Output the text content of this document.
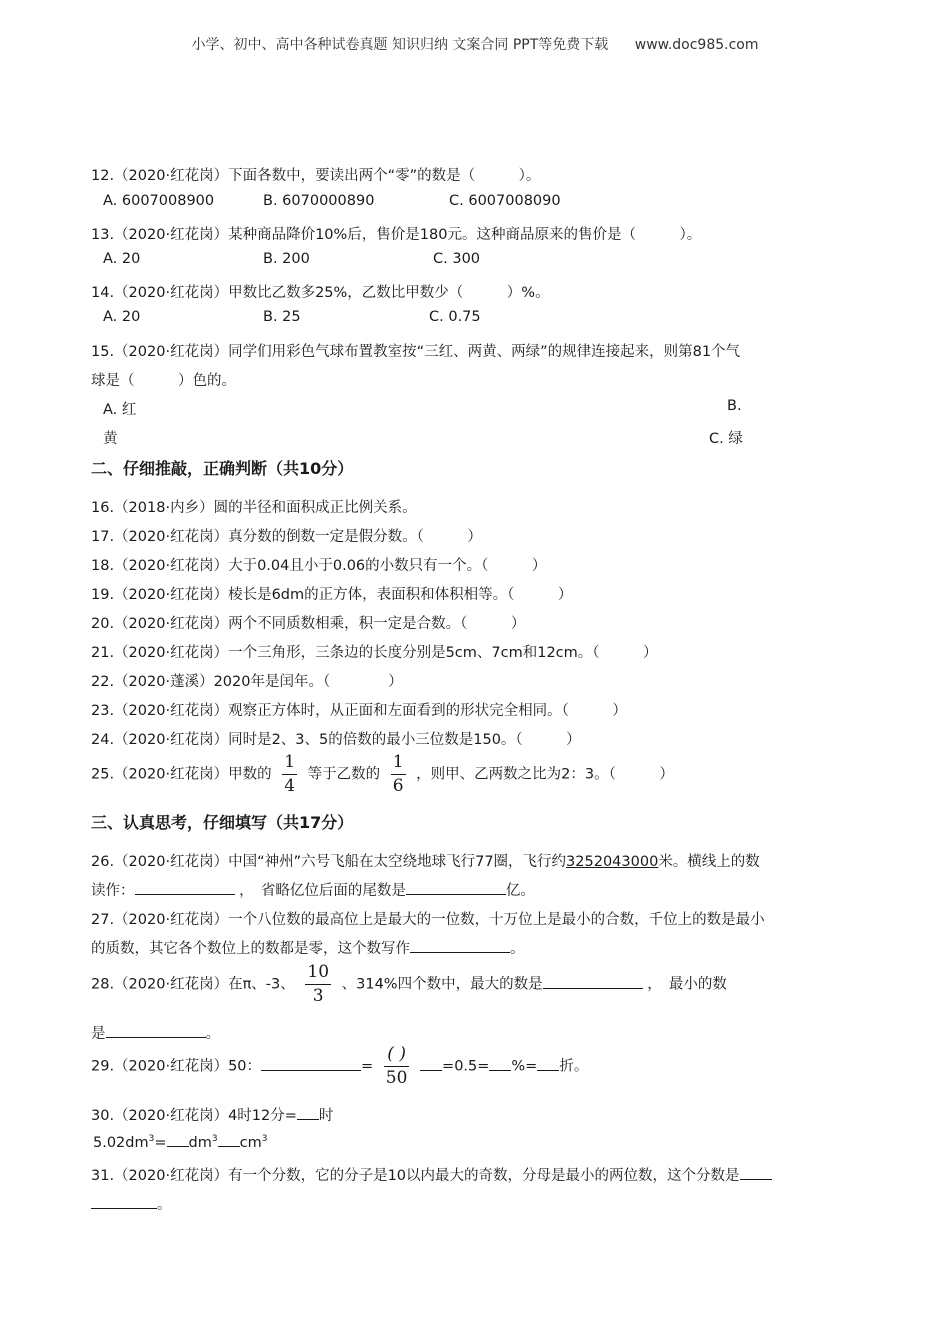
小学、初中、高中各种试卷真题 知识归纳 文案合同 PPT等免费下载 www.doc985.com
12.（2020·红花岗）下面各数中，要读出两个“零”的数是（　　　）。
A. 6007008900	B. 6070000890	C. 6007008090
13.（2020·红花岗）某种商品降价10%后，售价是180元。这种商品原来的售价是（　　　）。
A. 20	B. 200	C. 300
14.（2020·红花岗）甲数比乙数多25%，乙数比甲数少（　　　）%。
A. 20	B. 25	C. 0.75
15.（2020·红花岗）同学们用彩色气球布置教室按“三红、两黄、两绿”的规律连接起来，则第81个气
球是（　　　）色的。
A. 红	B.
黄	C. 绿
二、仔细推敲，正确判断（共10分）
16.（2018·内乡）圆的半径和面积成正比例关系。
17.（2020·红花岗）真分数的倒数一定是假分数。（　　　）
18.（2020·红花岗）大于0.04且小于0.06的小数只有一个。（　　　）
19.（2020·红花岗）棱长是6dm的正方体，表面积和体积相等。（　　　）
20.（2020·红花岗）两个不同质数相乘，积一定是合数。（　　　）
21.（2020·红花岗）一个三角形，三条边的长度分别是5cm、7cm和12cm。（　　　）
22.（2020·蓬溪）2020年是闰年。（　　　　）
23.（2020·红花岗）观察正方体时，从正面和左面看到的形状完全相同。（　　　）
24.（2020·红花岗）同时是2、3、5的倍数的最小三位数是150。（　　　）
25.（2020·红花岗）甲数的 $\frac{1}{4}$ 等于乙数的 $\frac{1}{6}$ ，则甲、乙两数之比为2：3。（　　　）
三、认真思考，仔细填写（共17分）
26.（2020·红花岗）中国“神州”六号飞船在太空绕地球飞行77圈，飞行约3252043000米。横线上的数
读作：	，　省略亿位后面的尾数是	亿。
27.（2020·红花岗）一个八位数的最高位上是最大的一位数，十万位上是最小的合数，千位上的数是最小
的质数，其它各个数位上的数都是零，这个数写作	。
28.（2020·红花岗）在π、-3、 $\frac{10}{3}$ 、314%四个数中，最大的数是	，　最小的数
是	。
29.（2020·红花岗）50：	= $\frac{( )}{50} =0.5=$ %= 折。
30.（2020·红花岗）4时12分= 时
$5.02dm^3= dm^3$ $cm^3$
31.（2020·红花岗）有一个分数，它的分子是10以内最大的奇数，分母是最小的两位数，这个分数是
。
